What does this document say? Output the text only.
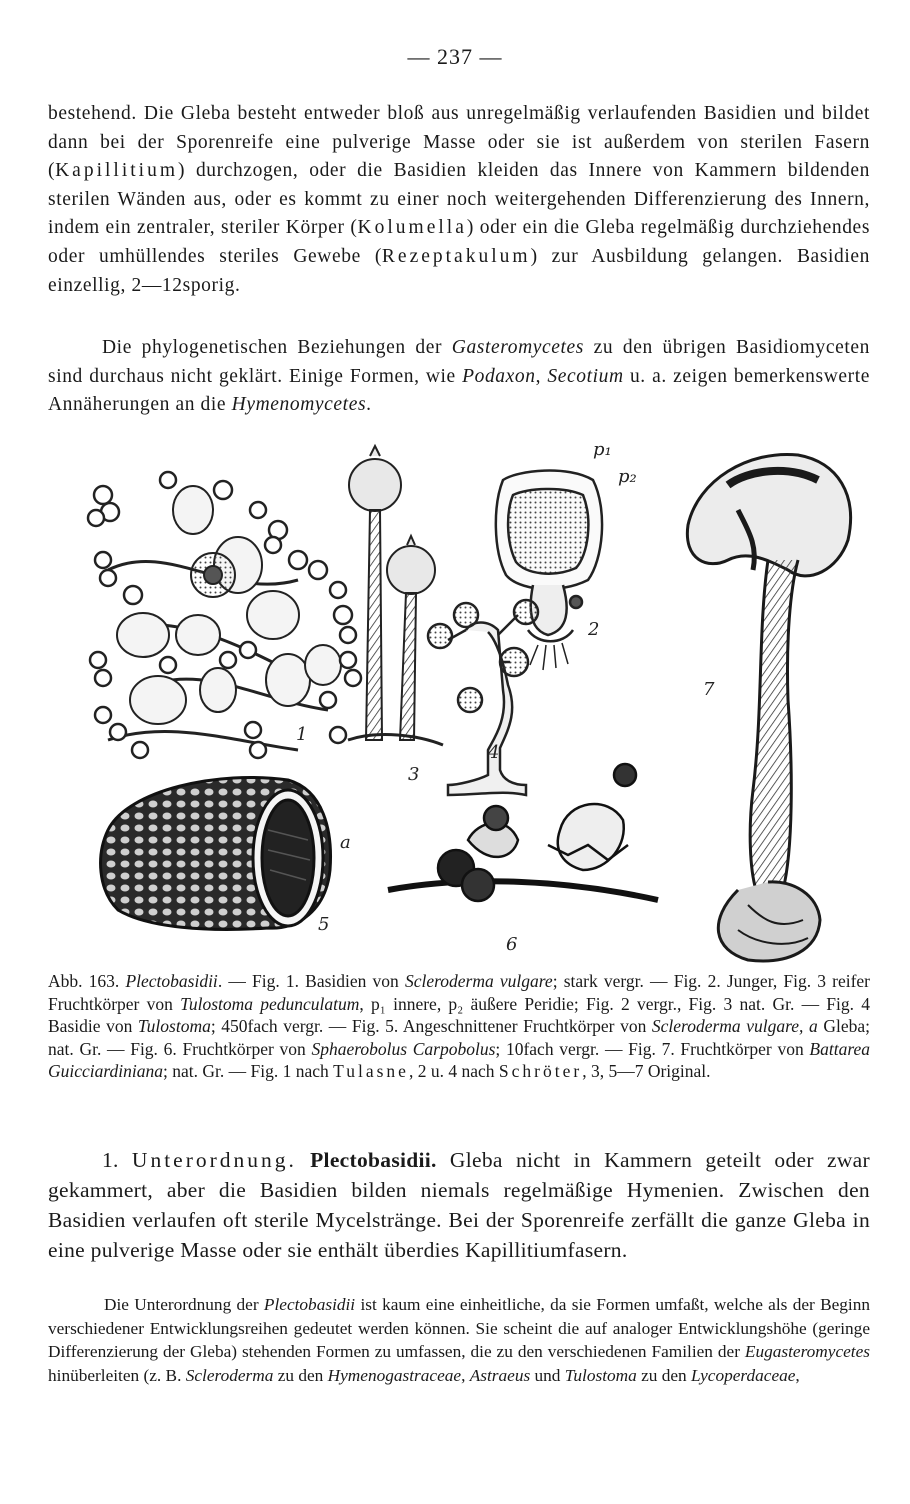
— 237 —
bestehend. Die Gleba besteht entweder bloß aus unregelmäßig verlaufenden Basidien und bildet dann bei der Sporenreife eine pulverige Masse oder sie ist außerdem von sterilen Fasern (Kapillitium) durchzogen, oder die Basidien kleiden das Innere von Kammern bildenden sterilen Wänden aus, oder es kommt zu einer noch weitergehenden Differenzierung des Innern, indem ein zentraler, steriler Körper (Kolumella) oder ein die Gleba regelmäßig durchziehendes oder umhüllendes steriles Gewebe (Rezeptakulum) zur Ausbildung gelangen. Basidien einzellig, 2—12sporig.
Die phylogenetischen Beziehungen der Gasteromycetes zu den übrigen Basidiomyceten sind durchaus nicht geklärt. Einige Formen, wie Podaxon, Secotium u. a. zeigen bemerkenswerte Annäherungen an die Hymenomycetes.
1
3
p₁
p₂
2
4
7
a
5
6
Abb. 163. Plectobasidii. — Fig. 1. Basidien von Scleroderma vulgare; stark vergr. — Fig. 2. Junger, Fig. 3 reifer Fruchtkörper von Tulostoma pedunculatum, p₁ innere, p₂ äußere Peridie; Fig. 2 vergr., Fig. 3 nat. Gr. — Fig. 4 Basidie von Tulostoma; 450fach vergr. — Fig. 5. Angeschnittener Fruchtkörper von Scleroderma vulgare, a Gleba; nat. Gr. — Fig. 6. Fruchtkörper von Sphaerobolus Carpobolus; 10fach vergr. — Fig. 7. Fruchtkörper von Battarea Guicciardiniana; nat. Gr. — Fig. 1 nach Tulasne, 2 u. 4 nach Schröter, 3, 5—7 Original.
1. Unterordnung. Plectobasidii. Gleba nicht in Kammern geteilt oder zwar gekammert, aber die Basidien bilden niemals regelmäßige Hymenien. Zwischen den Basidien verlaufen oft sterile Mycelstränge. Bei der Sporenreife zerfällt die ganze Gleba in eine pulverige Masse oder sie enthält überdies Kapillitiumfasern.
Die Unterordnung der Plectobasidii ist kaum eine einheitliche, da sie Formen umfaßt, welche als der Beginn verschiedener Entwicklungsreihen gedeutet werden können. Sie scheint die auf analoger Entwicklungshöhe (geringe Differenzierung der Gleba) stehenden Formen zu umfassen, die zu den verschiedenen Familien der Eugasteromycetes hinüberleiten (z. B. Scleroderma zu den Hymenogastraceae, Astraeus und Tulostoma zu den Lycoperdaceae,
